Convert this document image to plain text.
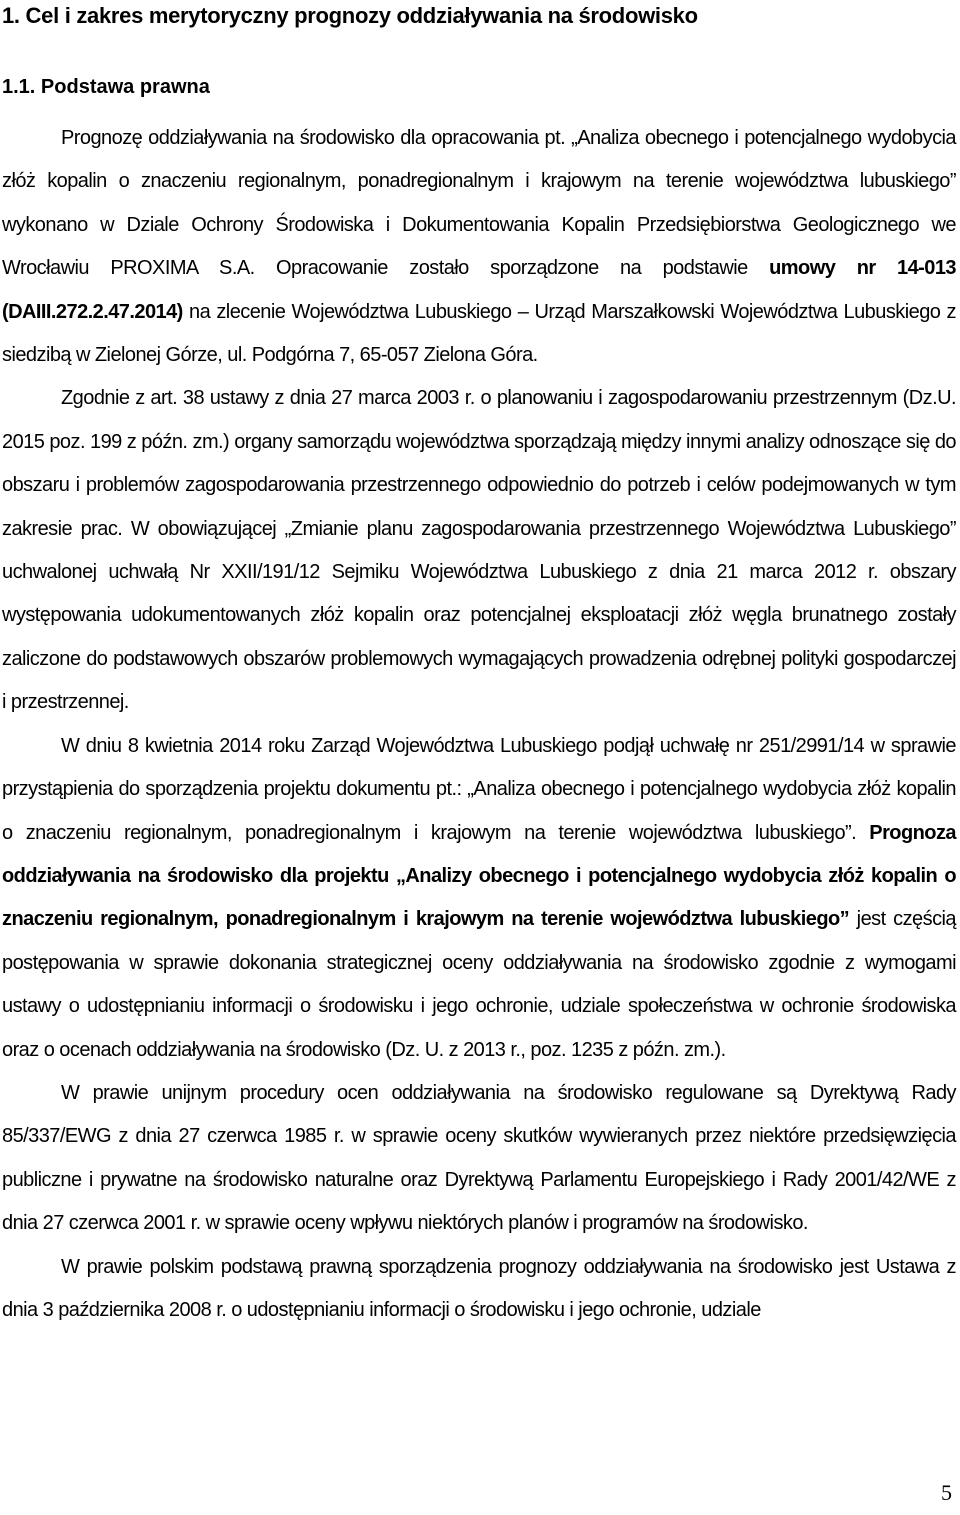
1. Cel i zakres merytoryczny prognozy oddziaływania na środowisko
1.1. Podstawa prawna

Prognozę oddziaływania na środowisko dla opracowania pt. „Analiza obecnego i potencjalnego wydobycia złóż kopalin o znaczeniu regionalnym, ponadregionalnym i krajowym na terenie województwa lubuskiego” wykonano w Dziale Ochrony Środowiska i Dokumentowania Kopalin Przedsiębiorstwa Geologicznego we Wrocławiu PROXIMA S.A. Opracowanie zostało sporządzone na podstawie umowy nr 14-013 (DAIII.272.2.47.2014) na zlecenie Województwa Lubuskiego – Urząd Marszałkowski Województwa Lubuskiego z siedzibą w Zielonej Górze, ul. Podgórna 7, 65-057 Zielona Góra.

Zgodnie z art. 38 ustawy z dnia 27 marca 2003 r. o planowaniu i zagospodarowaniu przestrzennym (Dz.U. 2015 poz. 199 z późn. zm.) organy samorządu województwa sporządzają między innymi analizy odnoszące się do obszaru i problemów zagospodarowania przestrzennego odpowiednio do potrzeb i celów podejmowanych w tym zakresie prac. W obowiązującej „Zmianie planu zagospodarowania przestrzennego Województwa Lubuskiego” uchwalonej uchwałą Nr XXII/191/12 Sejmiku Województwa Lubuskiego z dnia 21 marca 2012 r. obszary występowania udokumentowanych złóż kopalin oraz potencjalnej eksploatacji złóż węgla brunatnego zostały zaliczone do podstawowych obszarów problemowych wymagających prowadzenia odrębnej polityki gospodarczej i przestrzennej.

W dniu 8 kwietnia 2014 roku Zarząd Województwa Lubuskiego podjął uchwałę nr 251/2991/14 w sprawie przystąpienia do sporządzenia projektu dokumentu pt.: „Analiza obecnego i potencjalnego wydobycia złóż kopalin o znaczeniu regionalnym, ponadregionalnym i krajowym na terenie województwa lubuskiego”. Prognoza oddziaływania na środowisko dla projektu „Analizy obecnego i potencjalnego wydobycia złóż kopalin o znaczeniu regionalnym, ponadregionalnym i krajowym na terenie województwa lubuskiego” jest częścią postępowania w sprawie dokonania strategicznej oceny oddziaływania na środowisko zgodnie z wymogami ustawy o udostępnianiu informacji o środowisku i jego ochronie, udziale społeczeństwa w ochronie środowiska oraz o ocenach oddziaływania na środowisko (Dz. U. z 2013 r., poz. 1235 z późn. zm.).

W prawie unijnym procedury ocen oddziaływania na środowisko regulowane są Dyrektywą Rady 85/337/EWG z dnia 27 czerwca 1985 r. w sprawie oceny skutków wywieranych przez niektóre przedsięwzięcia publiczne i prywatne na środowisko naturalne oraz Dyrektywą Parlamentu Europejskiego i Rady 2001/42/WE z dnia 27 czerwca 2001 r. w sprawie oceny wpływu niektórych planów i programów na środowisko.

W prawie polskim podstawą prawną sporządzenia prognozy oddziaływania na środowisko jest Ustawa z dnia 3 października 2008 r. o udostępnianiu informacji o środowisku i jego ochronie, udziale

5
